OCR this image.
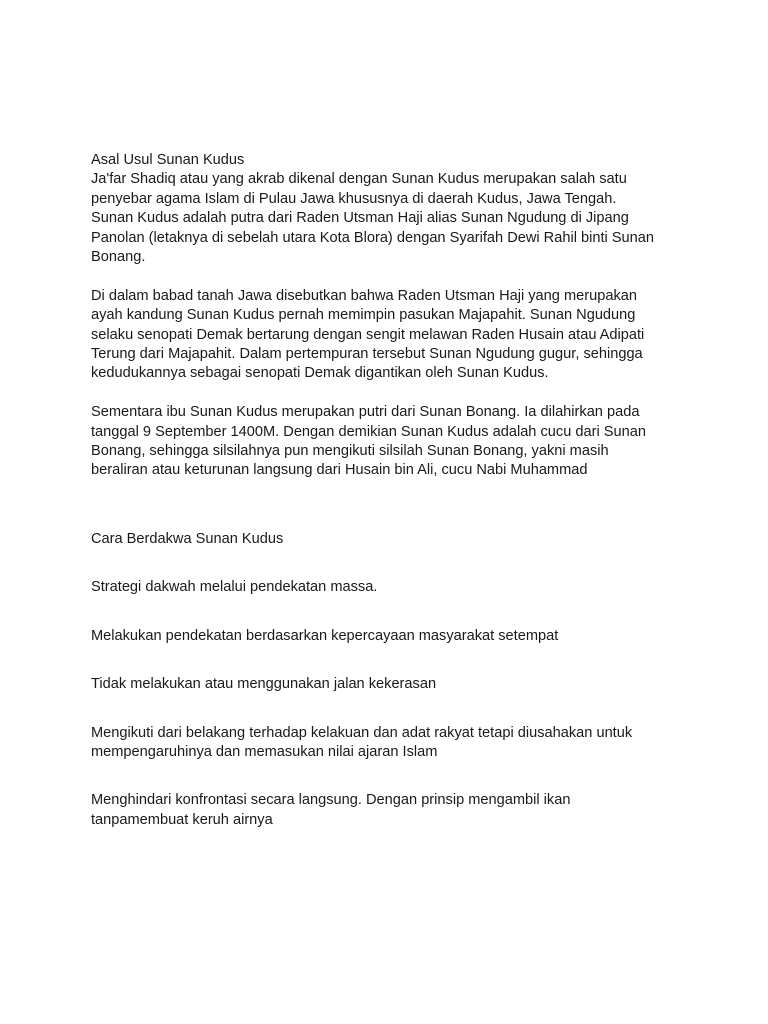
Asal Usul Sunan Kudus

Ja'far Shadiq atau yang akrab dikenal dengan Sunan Kudus merupakan salah satu
penyebar agama Islam di Pulau Jawa khususnya di daerah Kudus, Jawa Tengah.
Sunan Kudus adalah putra dari Raden Utsman Haji alias Sunan Ngudung di Jipang
Panolan (letaknya di sebelah utara Kota Blora) dengan Syarifah Dewi Rahil binti Sunan
Bonang.

Di dalam babad tanah Jawa disebutkan bahwa Raden Utsman Haji yang merupakan
ayah kandung Sunan Kudus pernah memimpin pasukan Majapahit. Sunan Ngudung
selaku senopati Demak bertarung dengan sengit melawan Raden Husain atau Adipati
Terung dari Majapahit. Dalam pertempuran tersebut Sunan Ngudung gugur, sehingga
kedudukannya sebagai senopati Demak digantikan oleh Sunan Kudus.

Sementara ibu Sunan Kudus merupakan putri dari Sunan Bonang. Ia dilahirkan pada
tanggal 9 September 1400M. Dengan demikian Sunan Kudus adalah cucu dari Sunan
Bonang, sehingga silsilahnya pun mengikuti silsilah Sunan Bonang, yakni masih
beraliran atau keturunan langsung dari Husain bin Ali, cucu Nabi Muhammad

Cara Berdakwa Sunan Kudus

Strategi dakwah melalui pendekatan massa.

Melakukan pendekatan berdasarkan kepercayaan masyarakat setempat

Tidak melakukan atau menggunakan jalan kekerasan

Mengikuti dari belakang terhadap kelakuan dan adat rakyat tetapi diusahakan untuk
mempengaruhinya dan memasukan nilai ajaran Islam

Menghindari konfrontasi secara langsung. Dengan prinsip mengambil ikan
tanpamembuat keruh airnya
